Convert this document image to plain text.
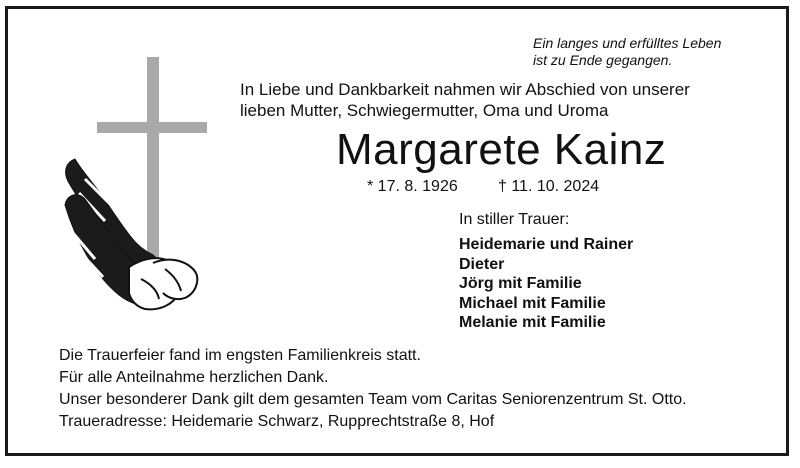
Ein langes und erfülltes Leben
ist zu Ende gegangen.
In Liebe und Dankbarkeit nahmen wir Abschied von unserer
lieben Mutter, Schwiegermutter, Oma und Uroma
Margarete Kainz
* 17. 8. 1926	† 11. 10. 2024
In stiller Trauer:
Heidemarie und Rainer
Dieter
Jörg mit Familie
Michael mit Familie
Melanie mit Familie
Die Trauerfeier fand im engsten Familienkreis statt.
Für alle Anteilnahme herzlichen Dank.
Unser besonderer Dank gilt dem gesamten Team vom Caritas Seniorenzentrum St. Otto.
Traueradresse: Heidemarie Schwarz, Rupprechtstraße 8, Hof
